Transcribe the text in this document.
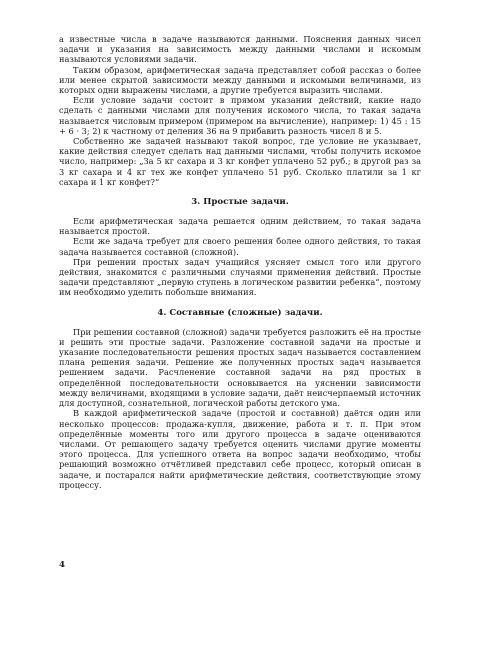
а известные числа в задаче называются данными. Пояснения данных чисел задачи и указания на зависимость между данными числами и искомым называются условиями задачи.

Таким образом, арифметическая задача представляет собой рассказ о более или менее скрытой зависимости между данными и искомыми величинами, из которых одни выражены числами, а другие требуется выразить числами.

Если условие задачи состоит в прямом указании действий, какие надо сделать с данными числами для получения искомого числа, то такая задача называется числовым примером (примером на вычисление), например: 1) 45 : 15 + 6 · 3; 2) к частному от деления 36 на 9 прибавить разность чисел 8 и 5.

Собственно же задачей называют такой вопрос, где условие не указывает, какие действия следует сделать над данными числами, чтобы получить искомое число, например: „За 5 кг сахара и 3 кг конфет уплачено 52 руб.; в другой раз за 3 кг сахара и 4 кг тех же конфет уплачено 51 руб. Сколько платили за 1 кг сахара и 1 кг конфет?“

3. Простые задачи.

Если арифметическая задача решается одним действием, то такая задача называется простой.

Если же задача требует для своего решения более одного действия, то такая задача называется составной (сложной).

При решении простых задач учащийся уясняет смысл того или другого действия, знакомится с различными случаями применения действий. Простые задачи представляют „первую ступень в логическом развитии ребенка“, поэтому им необходимо уделить побольше внимания.

4. Составные (сложные) задачи.

При решении составной (сложной) задачи требуется разложить её на простые и решить эти простые задачи. Разложение составной задачи на простые и указание последовательности решения простых задач называется составлением плана решения задачи. Решение же полученных простых задач называется решением задачи. Расчленение составной задачи на ряд простых в определённой последовательности основывается на уяснении зависимости между величинами, входящими в условие задачи, даёт неисчерпаемый источник для доступной, сознательной, логической работы детского ума.

В каждой арифметической задаче (простой и составной) даётся один или несколько процессов: продажа-купля, движение, работа и т. п. При этом определённые моменты того или другого процесса в задаче оцениваются числами. От решающего задачу требуется оценить числами другие моменты этого процесса. Для успешного ответа на вопрос задачи необходимо, чтобы решающий возможно отчётливей представил себе процесс, который описан в задаче, и постарался найти арифметические действия, соответствующие этому процессу.

4
